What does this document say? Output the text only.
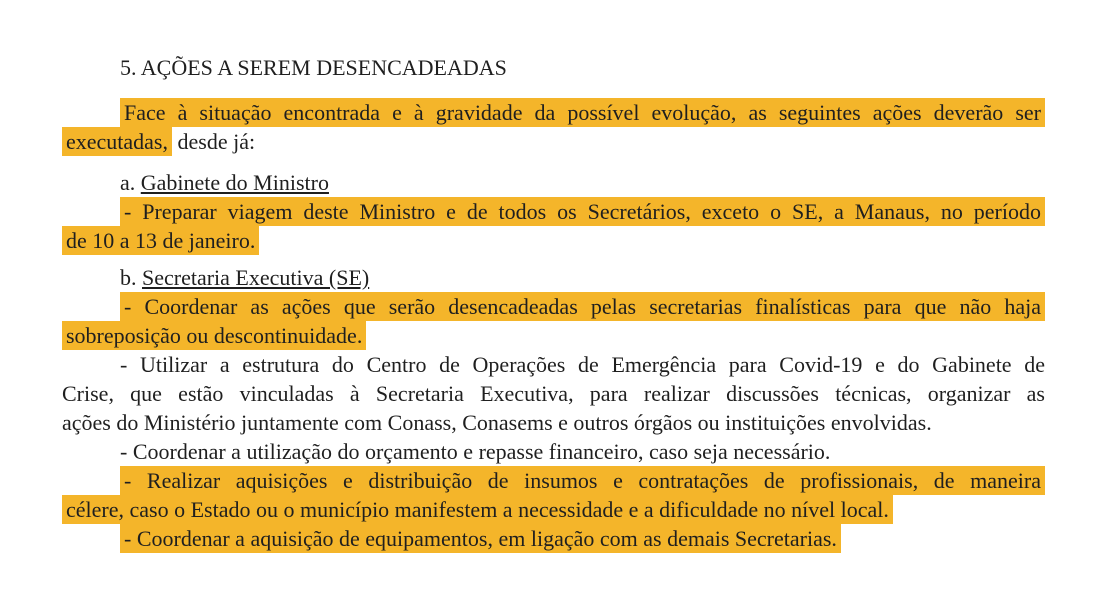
5. AÇÕES A SEREM DESENCADEADAS
Face à situação encontrada e à gravidade da possível evolução, as seguintes ações deverão ser
executadas, desde já:
a. Gabinete do Ministro
- Preparar viagem deste Ministro e de todos os Secretários, exceto o SE, a Manaus, no período
de 10 a 13 de janeiro.
b. Secretaria Executiva (SE)
- Coordenar as ações que serão desencadeadas pelas secretarias finalísticas para que não haja
sobreposição ou descontinuidade.
- Utilizar a estrutura do Centro de Operações de Emergência para Covid-19 e do Gabinete de
Crise, que estão vinculadas à Secretaria Executiva, para realizar discussões técnicas, organizar as
ações do Ministério juntamente com Conass, Conasems e outros órgãos ou instituições envolvidas.
- Coordenar a utilização do orçamento e repasse financeiro, caso seja necessário.
- Realizar aquisições e distribuição de insumos e contratações de profissionais, de maneira
célere, caso o Estado ou o município manifestem a necessidade e a dificuldade no nível local.
- Coordenar a aquisição de equipamentos, em ligação com as demais Secretarias.
